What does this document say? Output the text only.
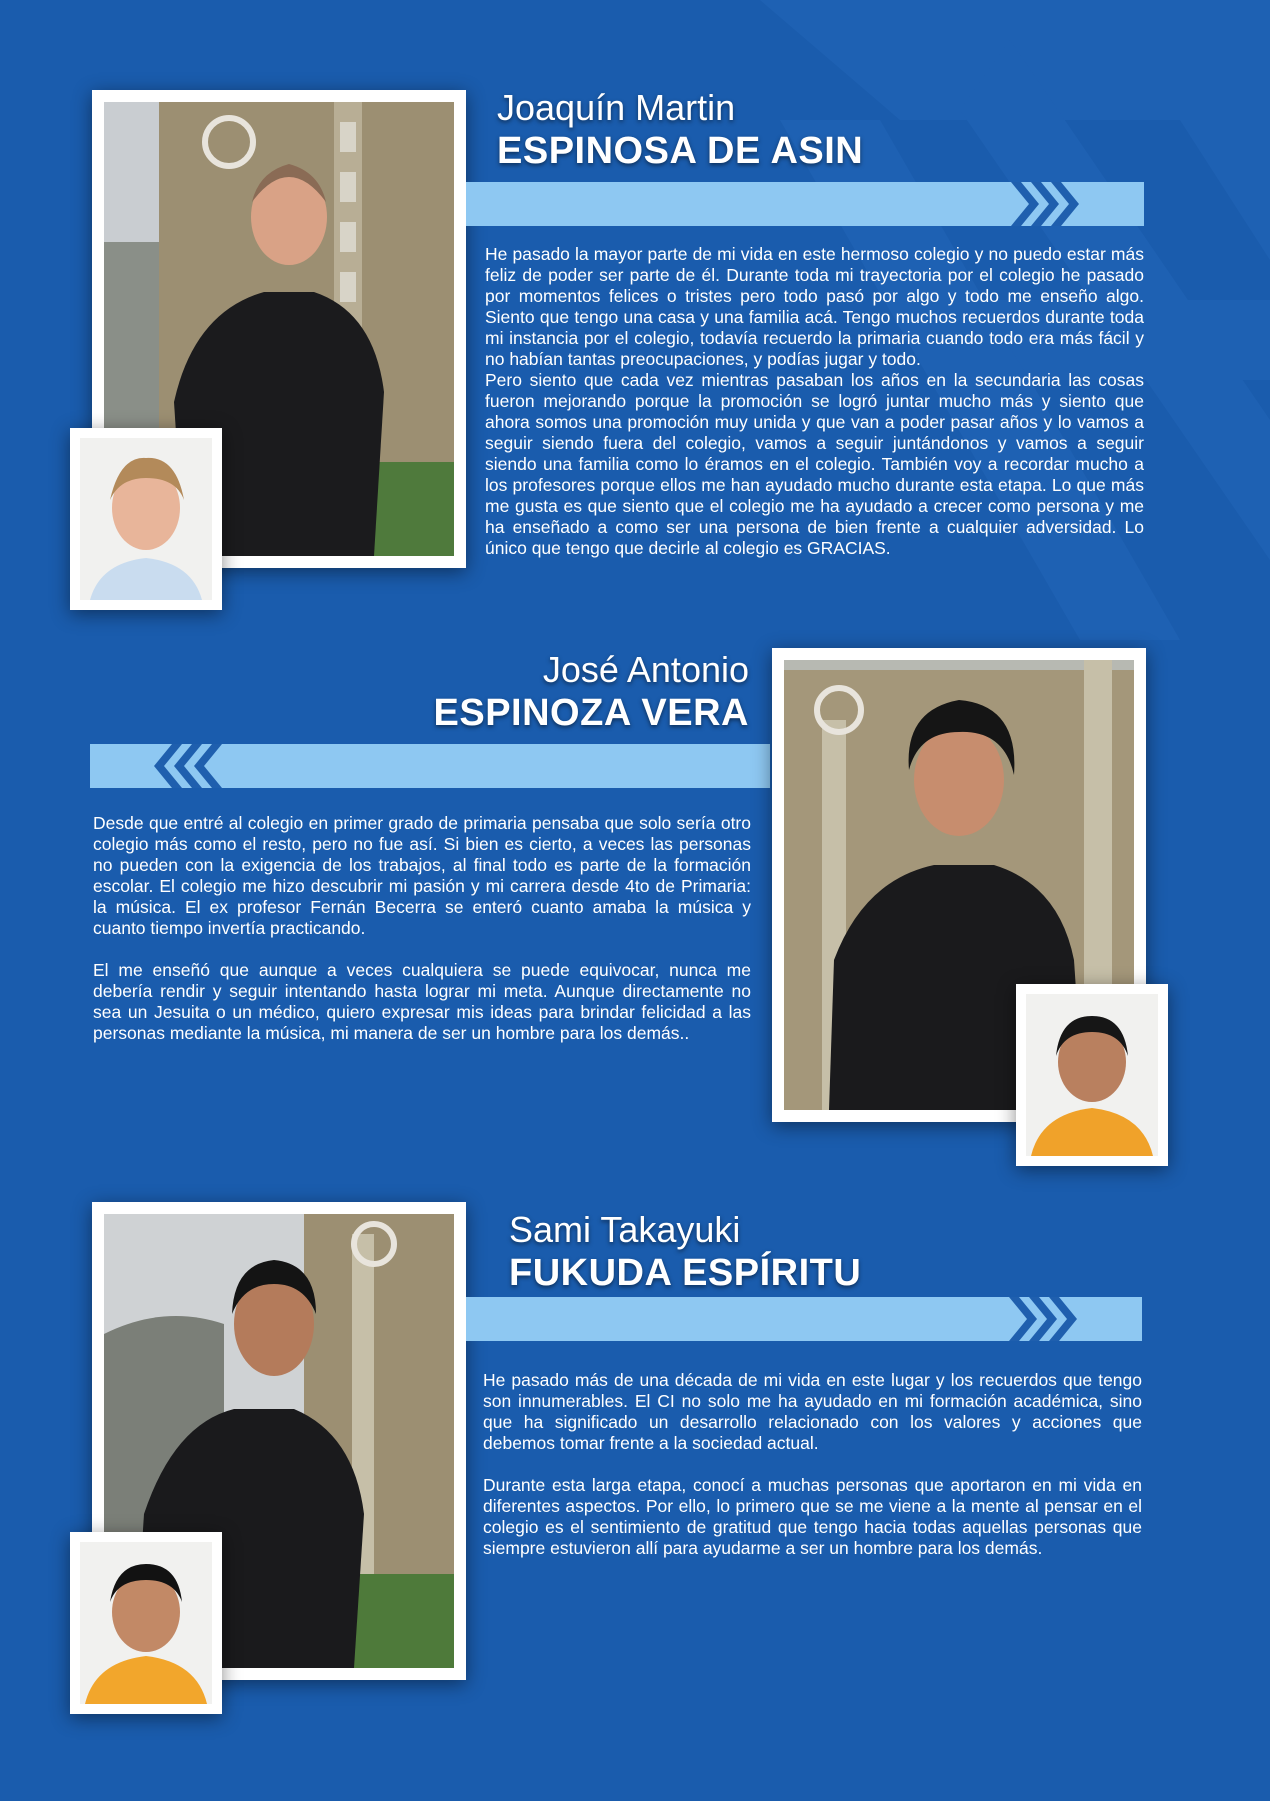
Joaquín Martin
ESPINOSA DE ASIN

He pasado la mayor parte de mi vida en este hermoso colegio y no puedo estar más feliz de poder ser parte de él. Durante toda mi trayectoria por el colegio he pasado por momentos felices o tristes pero todo pasó por algo y todo me enseño algo. Siento que tengo una casa y una familia acá. Tengo muchos recuerdos durante toda mi instancia por el colegio, todavía recuerdo la primaria cuando todo era más fácil y no habían tantas preocupaciones, y podías jugar y todo.

Pero siento que cada vez mientras pasaban los años en la secundaria las cosas fueron mejorando porque la promoción se logró juntar mucho más y siento que ahora somos una promoción muy unida y que van a poder pasar años y lo vamos a seguir siendo fuera del colegio, vamos a seguir juntándonos y vamos a seguir siendo una familia como lo éramos en el colegio. También voy a recordar mucho a los profesores porque ellos me han ayudado mucho durante esta etapa. Lo que más me gusta es que siento que el colegio me ha ayudado a crecer como persona y me ha enseñado a como ser una persona de bien frente a cualquier adversidad. Lo único que tengo que decirle al colegio es GRACIAS.

José Antonio
ESPINOZA VERA

Desde que entré al colegio en primer grado de primaria pensaba que solo sería otro colegio más como el resto, pero no fue así. Si bien es cierto, a veces las personas no pueden con la exigencia de los trabajos, al final todo es parte de la formación escolar. El colegio me hizo descubrir mi pasión y mi carrera desde 4to de Primaria: la música. El ex profesor Fernán Becerra se enteró cuanto amaba la música y cuanto tiempo invertía practicando.

El me enseñó que aunque a veces cualquiera se puede equivocar, nunca me debería rendir y seguir intentando hasta lograr mi meta. Aunque directamente no sea un Jesuita o un médico, quiero expresar mis ideas para brindar felicidad a las personas mediante la música, mi manera de ser un hombre para los demás..

Sami Takayuki
FUKUDA ESPÍRITU

He pasado más de una década de mi vida en este lugar y los recuerdos que tengo son innumerables. El CI no solo me ha ayudado en mi formación académica, sino que ha significado un desarrollo relacionado con los valores y acciones que debemos tomar frente a la sociedad actual.

Durante esta larga etapa, conocí a muchas personas que aportaron en mi vida en diferentes aspectos. Por ello, lo primero que se me viene a la mente al pensar en el colegio es el sentimiento de gratitud que tengo hacia todas aquellas personas que siempre estuvieron allí para ayudarme a ser un hombre para los demás.
